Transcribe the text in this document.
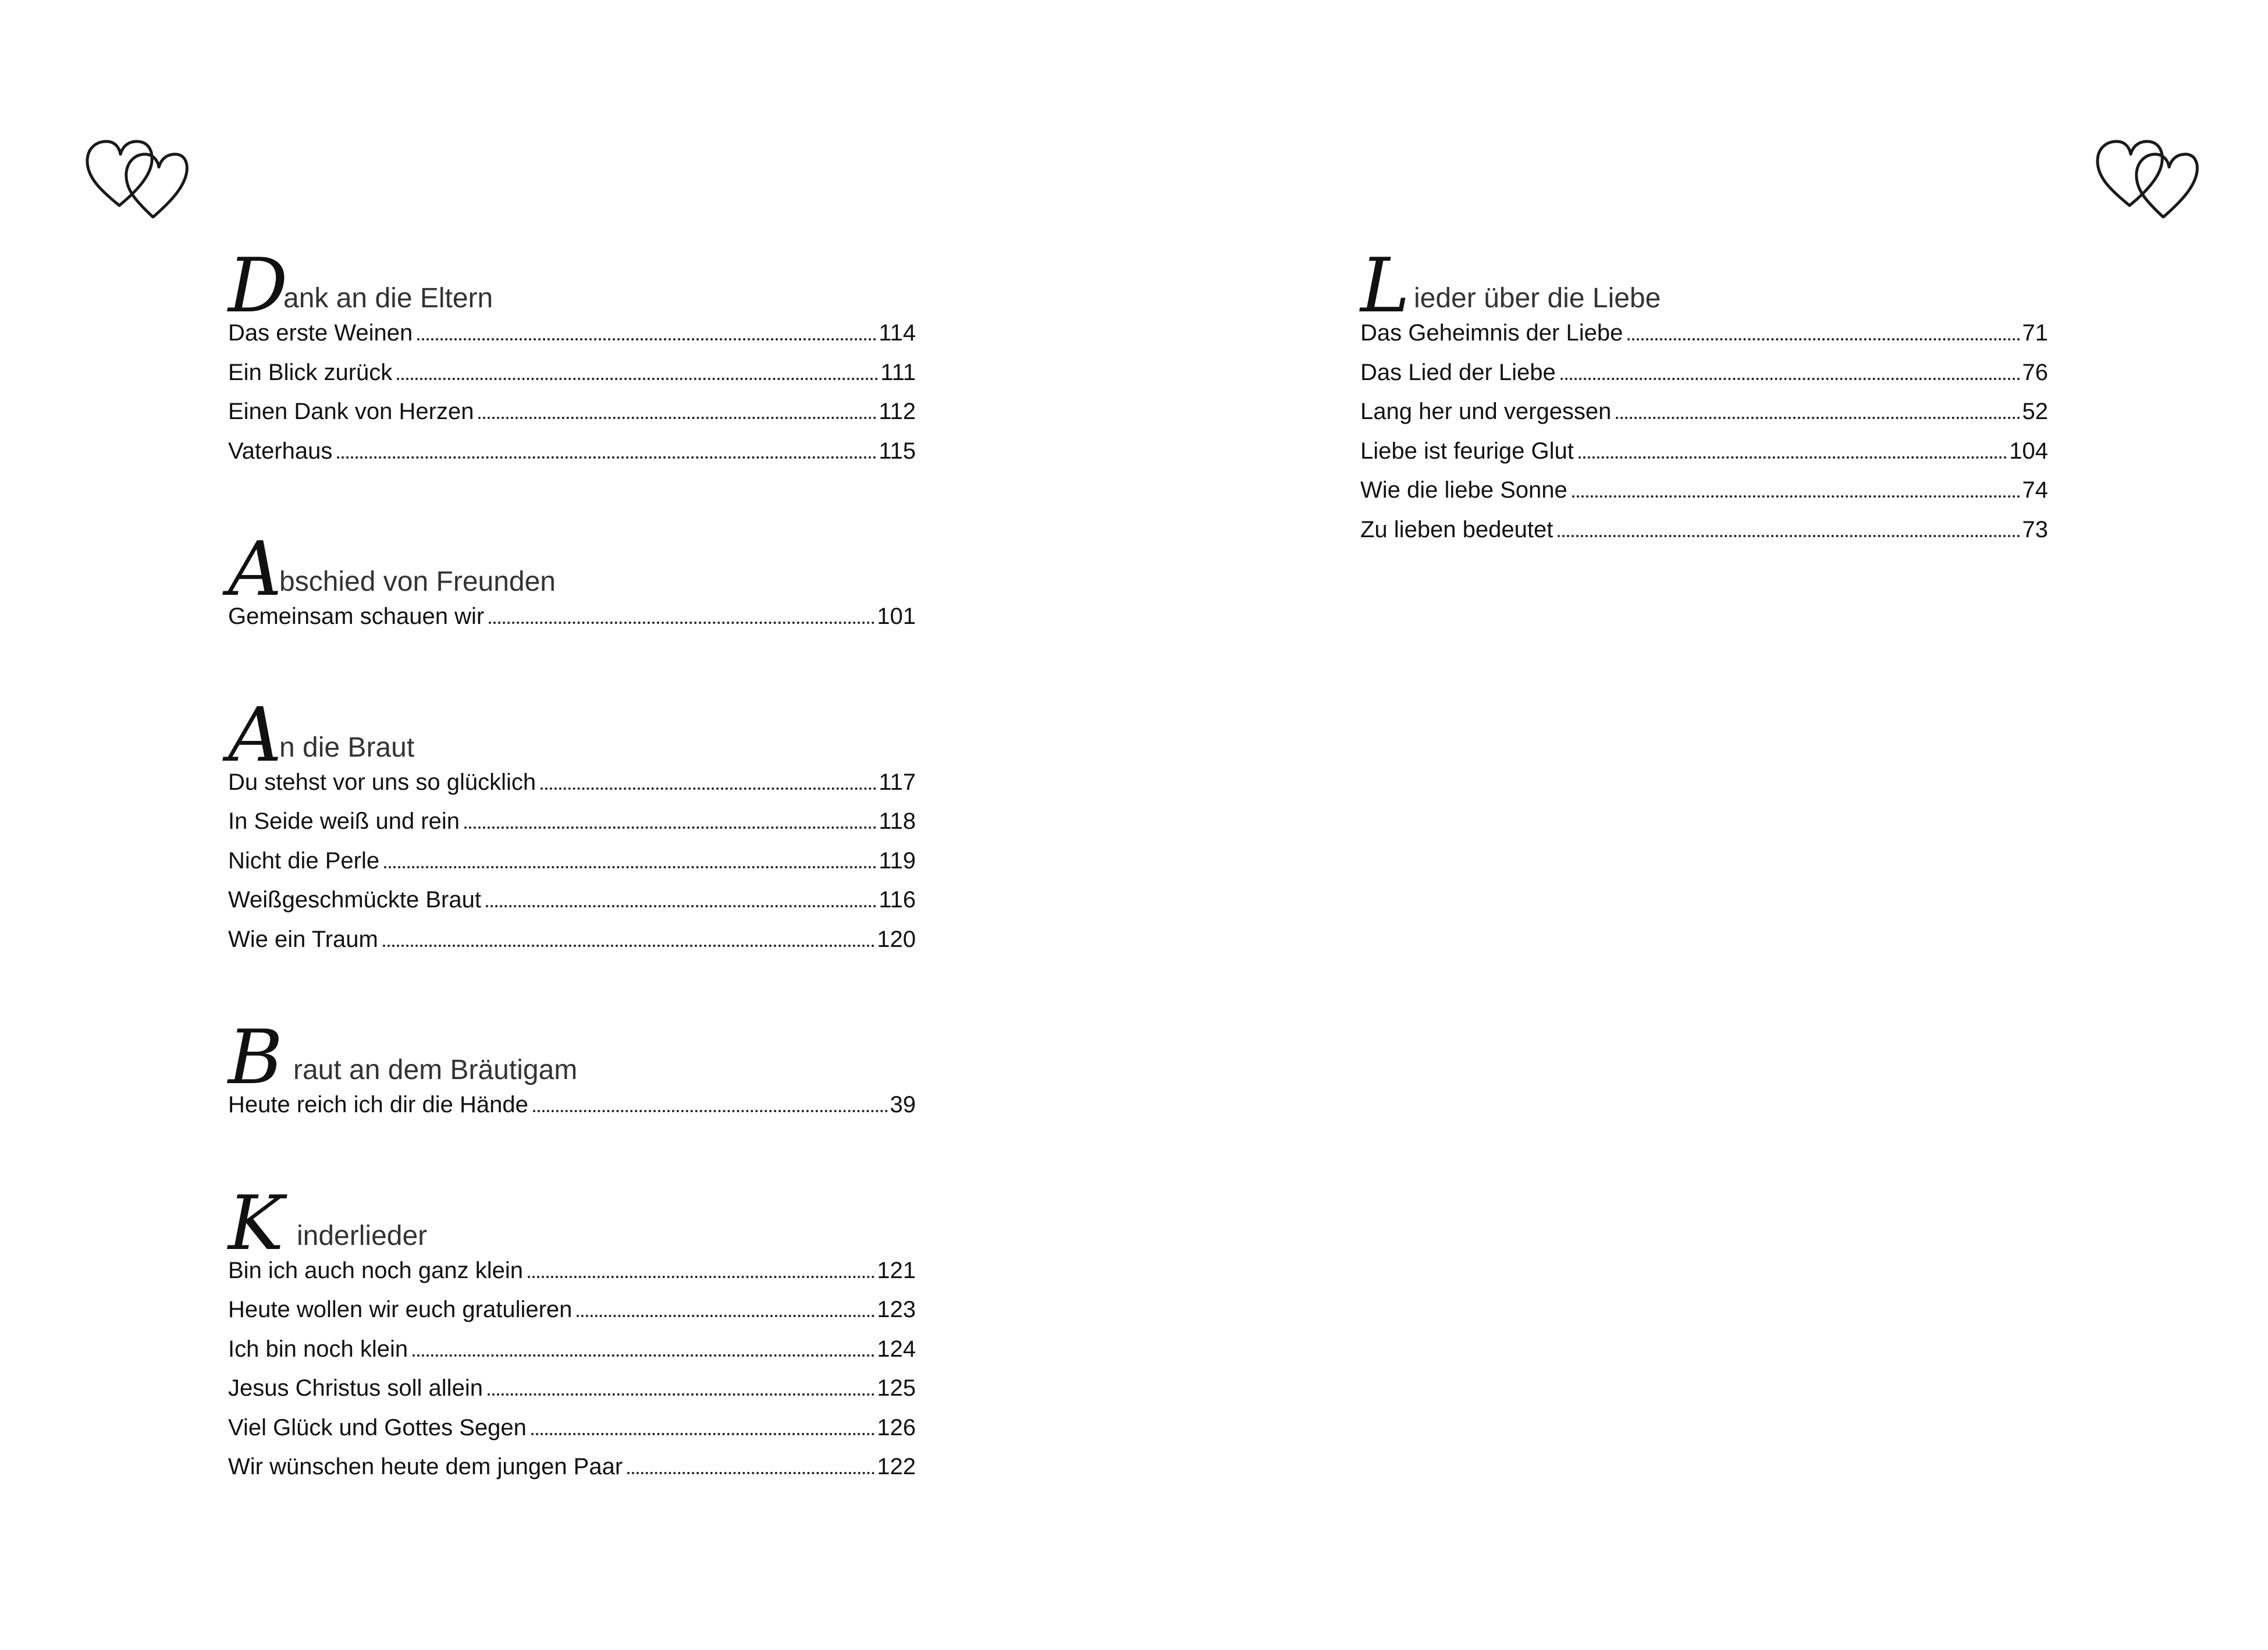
D
ank an die Eltern
Das erste Weinen	114
Ein Blick zurück	111
Einen Dank von Herzen	112
Vaterhaus	115
A
bschied von Freunden
Gemeinsam schauen wir	101
A
n die Braut
Du stehst vor uns so glücklich	117
In Seide weiß und rein	118
Nicht die Perle	119
Weißgeschmückte Braut	116
Wie ein Traum	120
B raut an dem Bräutigam
Heute reich ich dir die Hände	39
K inderlieder
Bin ich auch noch ganz klein	121
Heute wollen wir euch gratulieren	123
Ich bin noch klein	124
Jesus Christus soll allein	125
Viel Glück und Gottes Segen	126
Wir wünschen heute dem jungen Paar	122
L ieder über die Liebe
Das Geheimnis der Liebe	71
Das Lied der Liebe	76
Lang her und vergessen	52
Liebe ist feurige Glut	104
Wie die liebe Sonne	74
Zu lieben bedeutet	73
